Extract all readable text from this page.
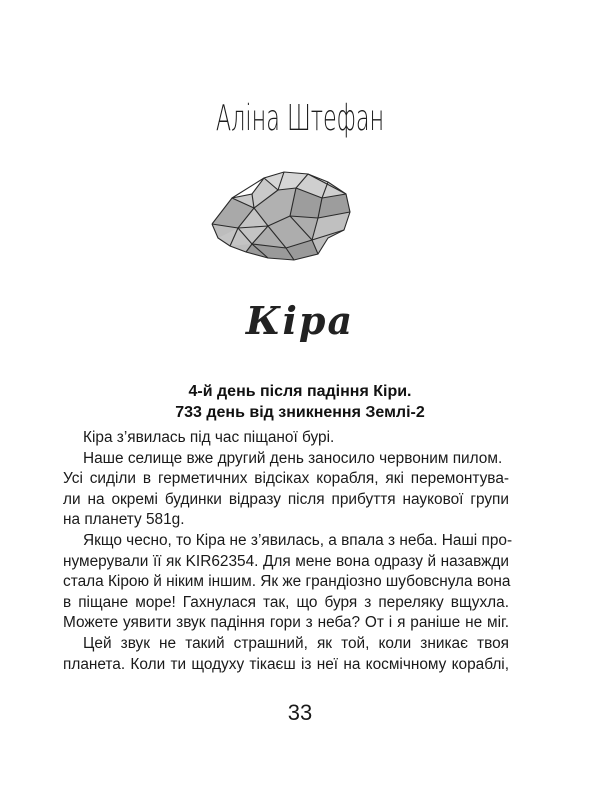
Аліна Штефан
Кіра
4-й день після падіння Кіри.
733 день від зникнення Землі-2
Кіра з’явилась під час піщаної бурі.
Наше селище вже другий день заносило червоним пилом.
Усі сиділи в герметичних відсіках корабля, які перемонтува-
ли на окремі будинки відразу після прибуття наукової групи
на планету 581g.
Якщо чесно, то Кіра не з’явилась, а впала з неба. Наші про-
нумерували її як KIR62354. Для мене вона одразу й назавжди
стала Кірою й ніким іншим. Як же грандіозно шубовснула вона
в піщане море! Гахнулася так, що буря з переляку вщухла.
Можете уявити звук падіння гори з неба? От і я раніше не міг.
Цей звук не такий страшний, як той, коли зникає твоя
планета. Коли ти щодуху тікаєш із неї на космічному кораблі,
33
